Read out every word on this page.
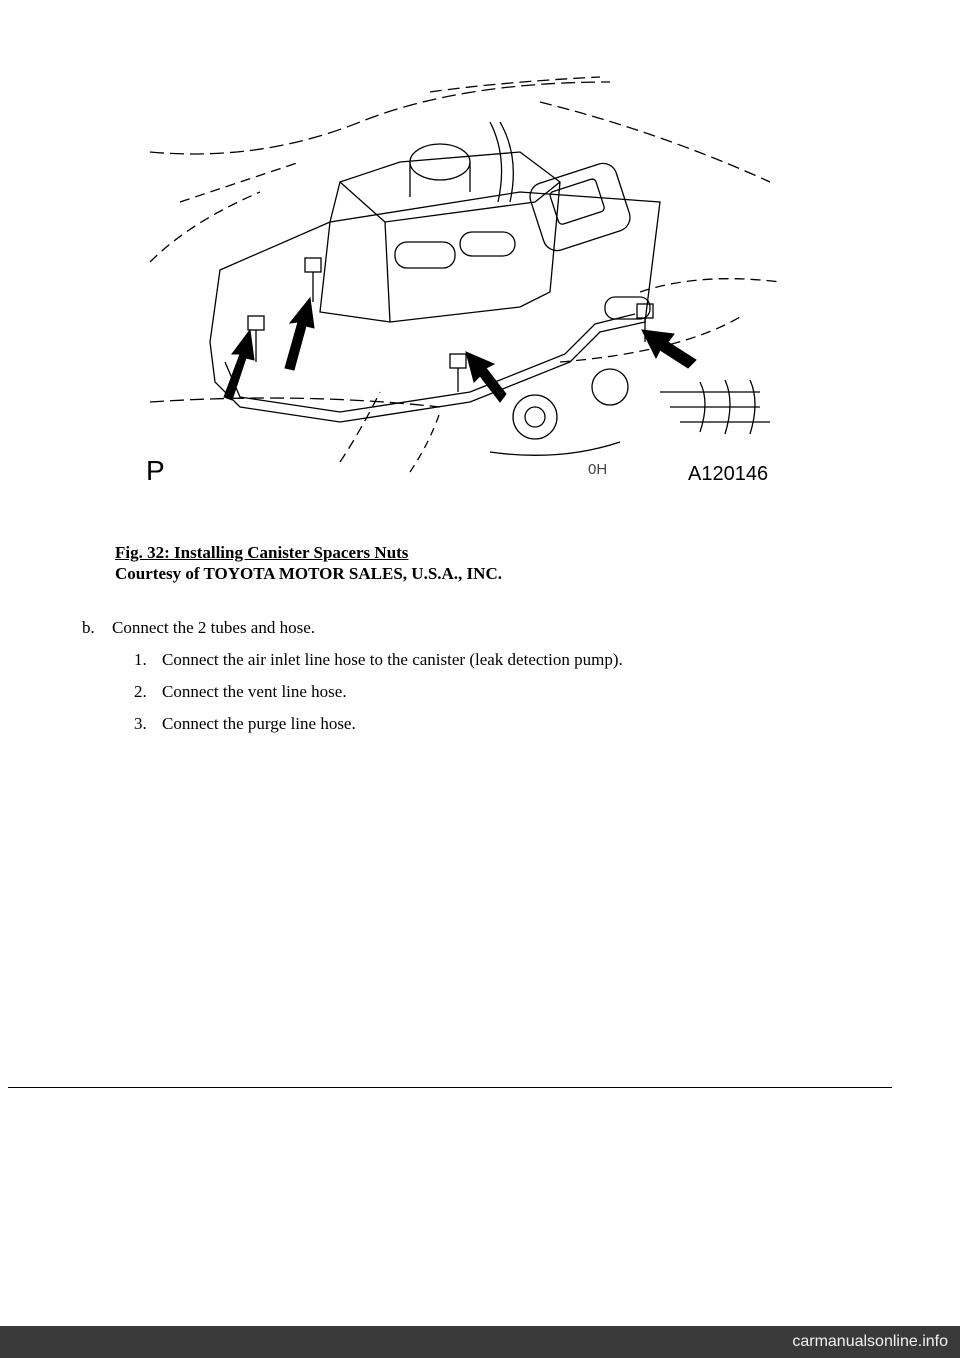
P	0H	A120146
Fig. 32: Installing Canister Spacers Nuts
Courtesy of TOYOTA MOTOR SALES, U.S.A., INC.
b. Connect the 2 tubes and hose.
1. Connect the air inlet line hose to the canister (leak detection pump).
2. Connect the vent line hose.
3. Connect the purge line hose.
carmanualsonline.info
